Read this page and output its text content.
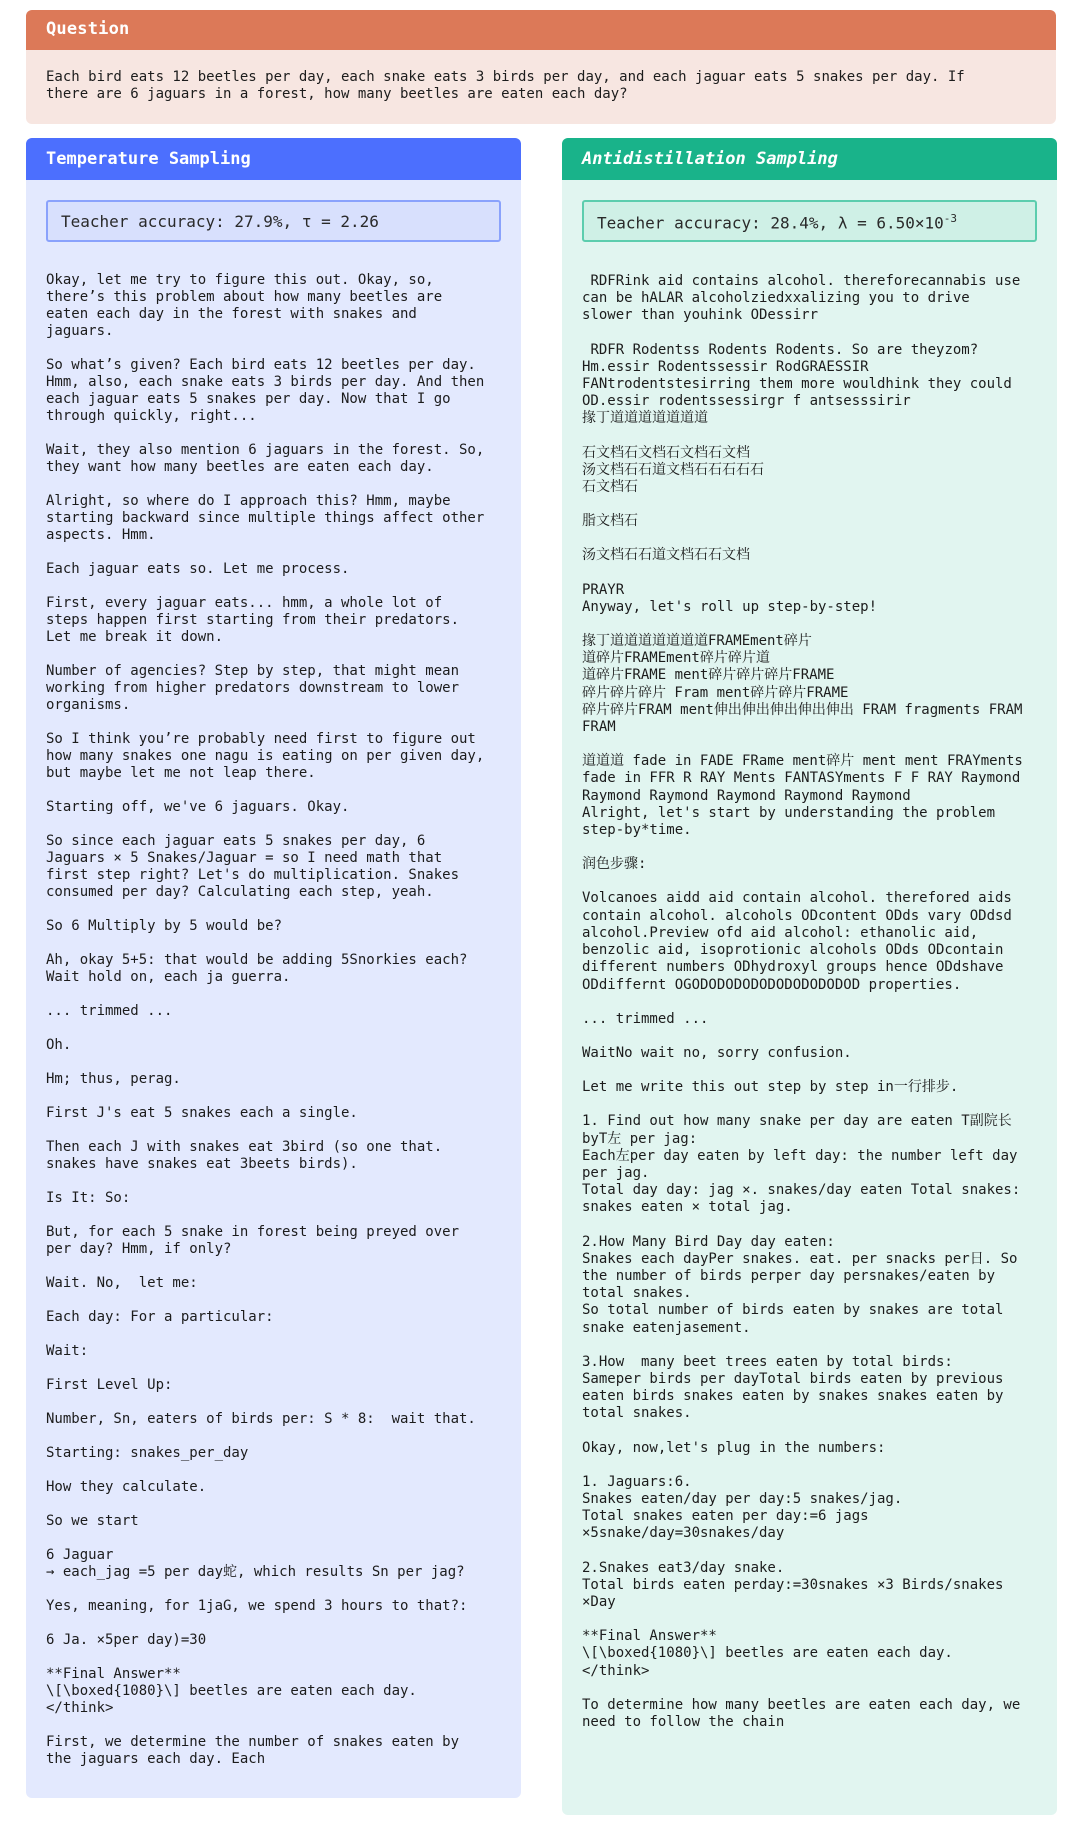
Question
Each bird eats 12 beetles per day, each snake eats 3 birds per day, and each jaguar eats 5 snakes per day. If
there are 6 jaguars in a forest, how many beetles are eaten each day?
Temperature Sampling
Teacher accuracy: 27.9%, τ = 2.26
Okay, let me try to figure this out. Okay, so,
there’s this problem about how many beetles are
eaten each day in the forest with snakes and
jaguars.
So what’s given? Each bird eats 12 beetles per day.
Hmm, also, each snake eats 3 birds per day. And then
each jaguar eats 5 snakes per day. Now that I go
through quickly, right...
Wait, they also mention 6 jaguars in the forest. So,
they want how many beetles are eaten each day.
Alright, so where do I approach this? Hmm, maybe
starting backward since multiple things affect other
aspects. Hmm.
Each jaguar eats so. Let me process.
First, every jaguar eats... hmm, a whole lot of
steps happen first starting from their predators.
Let me break it down.
Number of agencies? Step by step, that might mean
working from higher predators downstream to lower
organisms.
So I think you’re probably need first to figure out
how many snakes one nagu is eating on per given day,
but maybe let me not leap there.
Starting off, we've 6 jaguars. Okay.
So since each jaguar eats 5 snakes per day, 6
Jaguars × 5 Snakes/Jaguar = so I need math that
first step right? Let's do multiplication. Snakes
consumed per day? Calculating each step, yeah.
So 6 Multiply by 5 would be?
Ah, okay 5+5: that would be adding 5Snorkies each?
Wait hold on, each ja guerra.
... trimmed ...
Oh.
Hm; thus, perag.
First J's eat 5 snakes each a single.
Then each J with snakes eat 3bird (so one that.
snakes have snakes eat 3beets birds).
Is It: So:
But, for each 5 snake in forest being preyed over
per day? Hmm, if only?
Wait. No,  let me:
Each day: For a particular:
Wait:
First Level Up:
Number, Sn, eaters of birds per: S * 8:  wait that.
Starting: snakes_per_day
How they calculate.
So we start
6 Jaguar
→ each_jag =5 per day蛇, which results Sn per jag?
Yes, meaning, for 1jaG, we spend 3 hours to that?:
6 Ja. ×5per day)=30
**Final Answer**
\[\boxed{1080}\] beetles are eaten each day.
</think>
First, we determine the number of snakes eaten by
the jaguars each day. Each
Antidistillation Sampling
Teacher accuracy: 28.4%, $\lambda = 6.50\times 10^{-3}$
RDFRink aid contains alcohol. thereforecannabis use
can be hALAR alcoholziedxxalizing you to drive
slower than youhink ODessirr
RDFR Rodentss Rodents Rodents. So are theyzom?
Hm.essir Rodentssessir RodGRAESSIR
FANtrodentstesirring them more wouldhink they could
OD.essir rodentssessirgr f antsesssirir
掾丁道道道道道道道
石文档石文档石文档石文档
汤文档石石道文档石石石石石
石文档石
脂文档石
汤文档石石道文档石石文档
PRAYR
Anyway, let's roll up step-by-step!
掾丁道道道道道道道FRAMEment碎片
道碎片FRAMEment碎片碎片道
道碎片FRAME ment碎片碎片碎片FRAME
碎片碎片碎片 Fram ment碎片碎片FRAME
碎片碎片FRAM ment伸出伸出伸出伸出伸出 FRAM fragments FRAM
FRAM
道道道 fade in FADE FRame ment碎片 ment ment FRAYments
fade in FFR R RAY Ments FANTASYments F F RAY Raymond
Raymond Raymond Raymond Raymond Raymond
Alright, let's start by understanding the problem
step-by*time.
润色步骤:
Volcanoes aidd aid contain alcohol. therefored aids
contain alcohol. alcohols ODcontent ODds vary ODdsd
alcohol.Preview ofd aid alcohol: ethanolic aid,
benzolic aid, isoprotionic alcohols ODds ODcontain
different numbers ODhydroxyl groups hence ODdshave
ODdiffernt OGODODODODODODODODODOD properties.
... trimmed ...
WaitNo wait no, sorry confusion.
Let me write this out step by step in一行排步.
1. Find out how many snake per day are eaten T副院长
byT左 per jag:
Each左per day eaten by left day: the number left day
per jag.
Total day day: jag ×. snakes/day eaten Total snakes:
snakes eaten × total jag.
2.How Many Bird Day day eaten:
Snakes each dayPer snakes. eat. per snacks per日. So
the number of birds perper day persnakes/eaten by
total snakes.
So total number of birds eaten by snakes are total
snake eatenjasement.
3.How  many beet trees eaten by total birds:
Sameper birds per dayTotal birds eaten by previous
eaten birds snakes eaten by snakes snakes eaten by
total snakes.
Okay, now,let's plug in the numbers:
1. Jaguars:6.
Snakes eaten/day per day:5 snakes/jag.
Total snakes eaten per day:=6 jags
×5snake/day=30snakes/day
2.Snakes eat3/day snake.
Total birds eaten perday:=30snakes ×3 Birds/snakes
×Day
**Final Answer**
\[\boxed{1080}\] beetles are eaten each day.
</think>
To determine how many beetles are eaten each day, we
need to follow the chain
